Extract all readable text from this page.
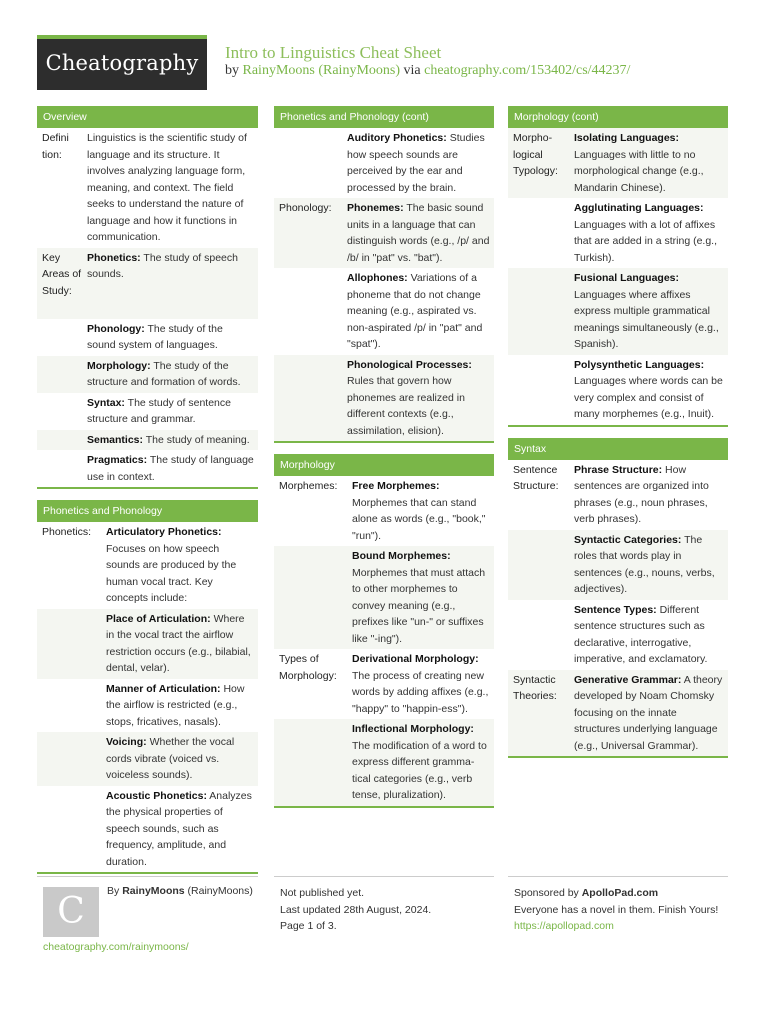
Cheatography	Intro to Linguistics Cheat Sheet
by RainyMoons (RainyMoons) via cheatography.com/153402/cs/44237/
Overview
Defini tion:
Linguistics is the scientific study of language and its structure. It involves analyzing language form, meaning, and context. The field seeks to understand the nature of language and how it functions in communication.
Key Areas of Study:
Phonetics: The study of speech sounds.
Phonology: The study of the sound system of languages.
Morphology: The study of the structure and formation of words.
Syntax: The study of sentence structure and grammar.
Semantics: The study of meaning.
Pragmatics: The study of language use in context.
Phonetics and Phonology
Phonetics:	Articulatory Phonetics: Focuses on how speech sounds are produced by the human vocal tract. Key concepts include:
Place of Articulation: Where in the vocal tract the airflow restriction occurs (e.g., bilabial, dental, velar).
Manner of Articulation: How the airflow is restricted (e.g., stops, fricatives, nasals).
Voicing: Whether the vocal cords vibrate (voiced vs. voiceless sounds).
Acoustic Phonetics: Analyzes the physical properties of speech sounds, such as frequency, amplitude, and duration.
Phonetics and Phonology (cont)
Auditory Phonetics: Studies how speech sounds are perceived by the ear and processed by the brain.
Phonology:	Phonemes: The basic sound units in a language that can distinguish words (e.g., /p/ and /b/ in "pat" vs. "bat").
Allophones: Variations of a phoneme that do not change meaning (e.g., aspirated vs. non-aspirated /p/ in "pat" and "spat").
Phonological Processes: Rules that govern how phonemes are realized in different contexts (e.g., assimilation, elision).
Morphology
Morphemes:	Free Morphemes: Morphemes that can stand alone as words (e.g., "book," "run").
Bound Morphemes: Morphemes that must attach to other morphemes to convey meaning (e.g., prefixes like "un-" or suffixes like "-ing").
Types of Morphology:
Derivational Morphology: The process of creating new words by adding affixes (e.g., "happy" to "happin-ess").
Inflectional Morphology: The modification of a word to express different gramma-tical categories (e.g., verb tense, pluralization).
Morphology (cont)
Morpho-logical Typology:
Isolating Languages: Languages with little to no morphological change (e.g., Mandarin Chinese).
Agglutinating Languages: Languages with a lot of affixes that are added in a string (e.g., Turkish).
Fusional Languages: Languages where affixes express multiple grammatical meanings simultaneously (e.g., Spanish).
Polysynthetic Languages: Languages where words can be very complex and consist of many morphemes (e.g., Inuit).
Syntax
Sentence Structure:
Phrase Structure: How sentences are organized into phrases (e.g., noun phrases, verb phrases).
Syntactic Categories: The roles that words play in sentences (e.g., nouns, verbs, adjectives).
Sentence Types: Different sentence structures such as declarative, interrogative, imperative, and exclamatory.
Syntactic Theories:
Generative Grammar: A theory developed by Noam Chomsky focusing on the innate structures underlying language (e.g., Universal Grammar).
C	By RainyMoons (RainyMoons)
cheatography.com/rainymoons/
Not published yet.
Last updated 28th August, 2024.
Page 1 of 3.
Sponsored by ApolloPad.com
Everyone has a novel in them. Finish Yours!
https://apollopad.com
